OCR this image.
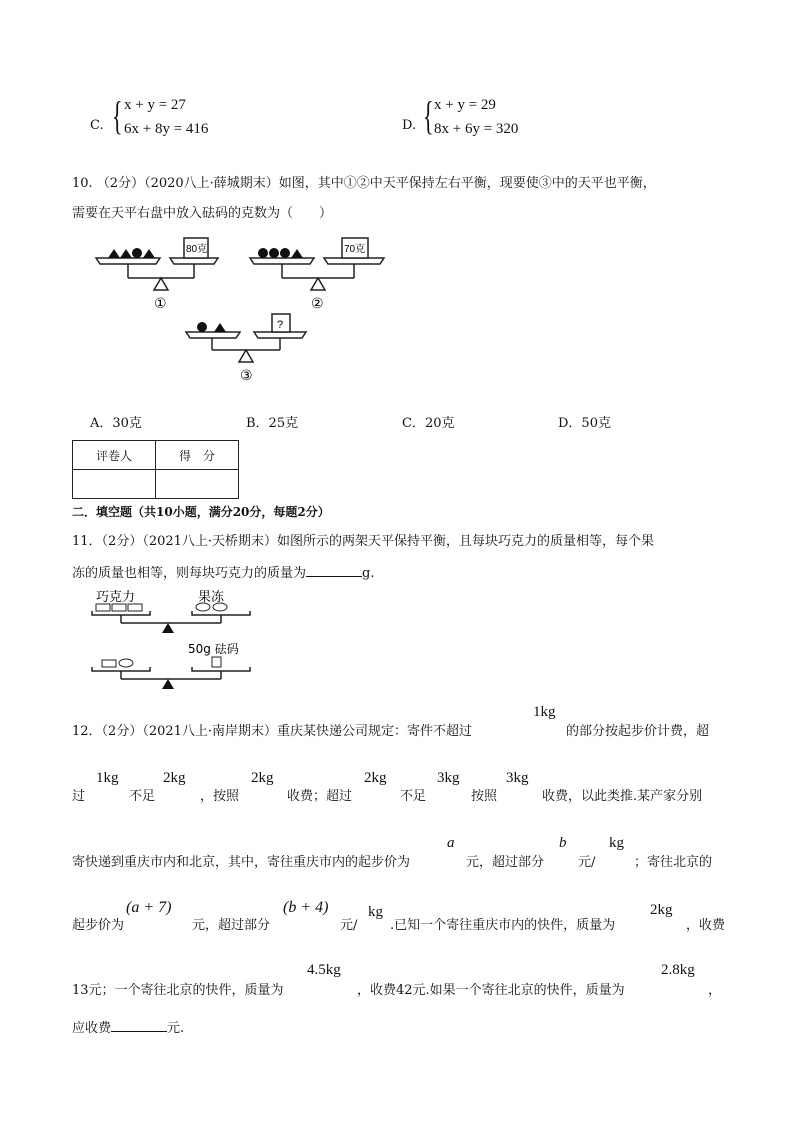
C. { x + y = 27
6x + 8y = 416	D. { x + y = 29
8x + 6y = 320
10. （2分）（2020八上·薛城期末）如图，其中①②中天平保持左右平衡，现要使③中的天平也平衡，
需要在天平右盘中放入砝码的克数为（　　）
80克
①
70克
②
?
③
A．30克	B．25克	C．20克	D．50克
评卷人	得　分

二．填空题（共10小题，满分20分，每题2分）
11．（2分）（2021八上·天桥期末）如图所示的两架天平保持平衡，且每块巧克力的质量相等，每个果
冻的质量也相等，则每块巧克力的质量为	g.
巧克力	果冻
50g 砝码
12．（2分）（2021八上·南岸期末）重庆某快递公司规定：寄件不超过
1kg
的部分按起步价计费，超
过
1kg
不足
2kg
，按照
2kg
收费；超过
2kg
不足
3kg
按照
3kg
收费，以此类推.某产家分别
寄快递到重庆市内和北京，其中，寄往重庆市内的起步价为
a
元，超过部分
b
元/
kg
；寄往北京的
起步价为
(a + 7)
元，超过部分
(b + 4)
元/
kg
.已知一个寄往重庆市内的快件，质量为
2kg
，收费
13元；一个寄往北京的快件，质量为
4.5kg
，收费42元.如果一个寄往北京的快件，质量为
2.8kg
，
应收费	元.
